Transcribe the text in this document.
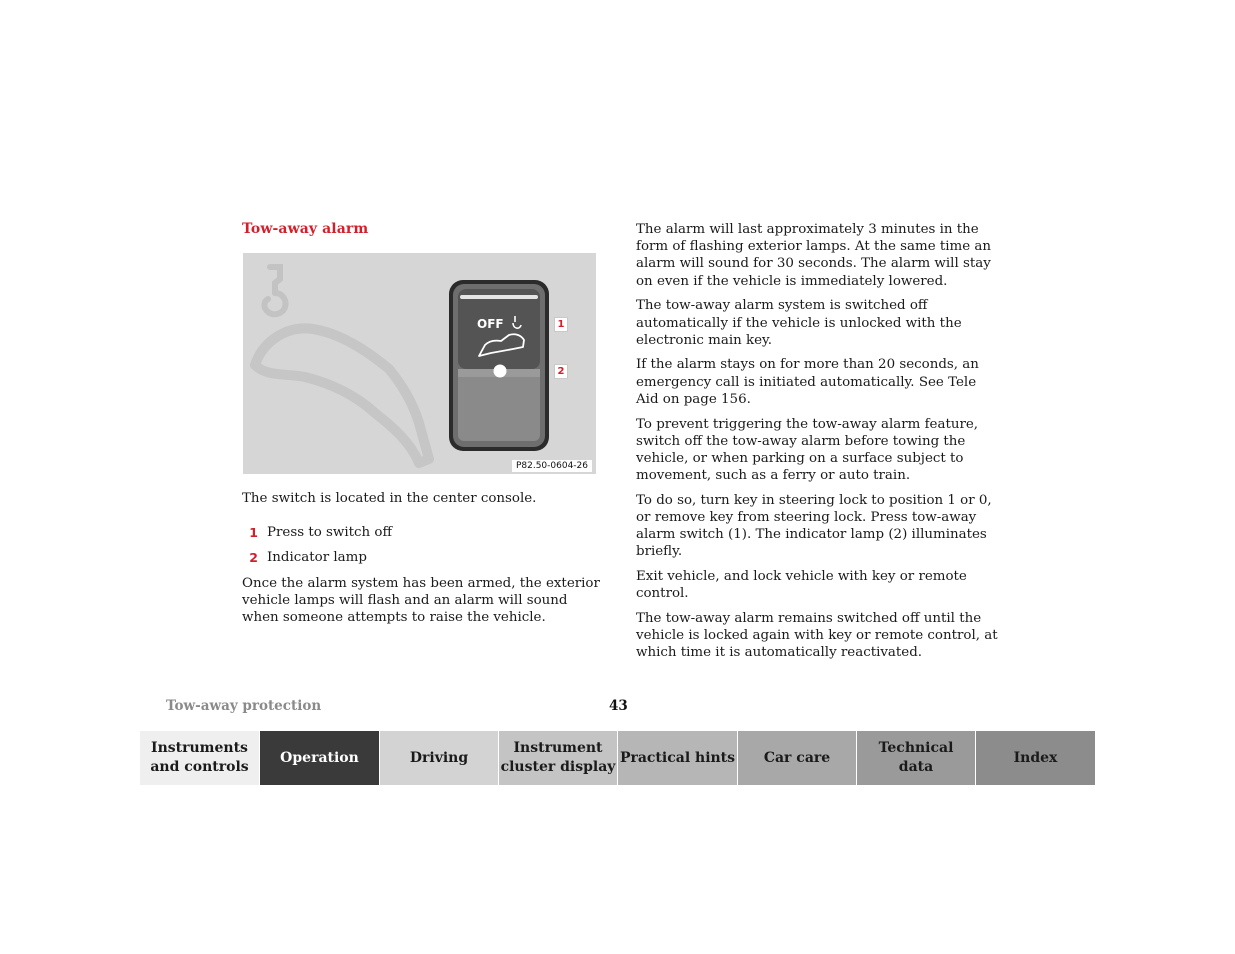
Tow-away alarm
OFF	1
2
P82.50-0604-26

The switch is located in the center console.

1 Press to switch off
2 Indicator lamp

Once the alarm system has been armed, the exterior vehicle lamps will flash and an alarm will sound when someone attempts to raise the vehicle.

The alarm will last approximately 3 minutes in the form of flashing exterior lamps. At the same time an alarm will sound for 30 seconds. The alarm will stay on even if the vehicle is immediately lowered.

The tow-away alarm system is switched off automatically if the vehicle is unlocked with the electronic main key.

If the alarm stays on for more than 20 seconds, an emergency call is initiated automatically. See Tele Aid on page 156.

To prevent triggering the tow-away alarm feature, switch off the tow-away alarm before towing the vehicle, or when parking on a surface subject to movement, such as a ferry or auto train.

To do so, turn key in steering lock to position 1 or 0, or remove key from steering lock. Press tow-away alarm switch (1). The indicator lamp (2) illuminates briefly.

Exit vehicle, and lock vehicle with key or remote control.

The tow-away alarm remains switched off until the vehicle is locked again with key or remote control, at which time it is automatically reactivated.

Tow-away protection	43
Instruments
and controls
Operation	Driving
Instrument
cluster display
Practical hints Car care
Technical
data
Index
